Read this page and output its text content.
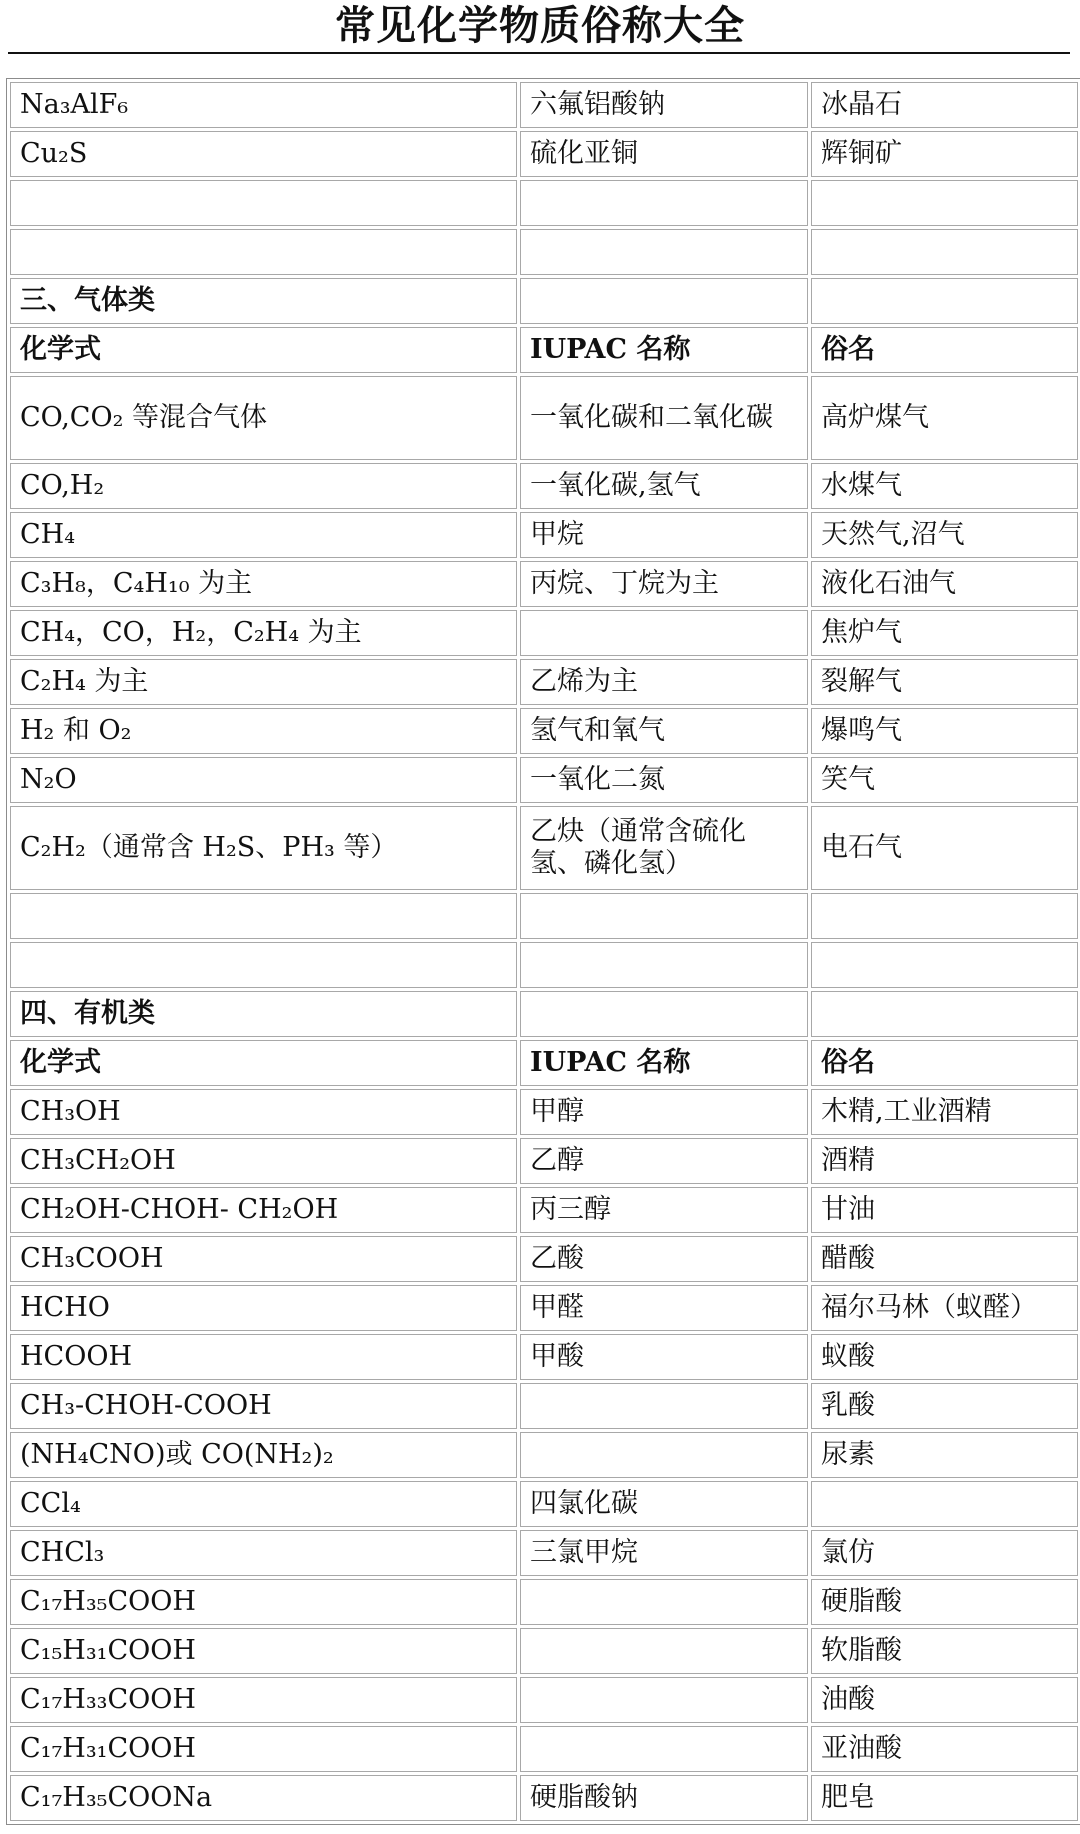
常见化学物质俗称大全
Na₃AlF₆	六氟铝酸钠	冰晶石
Cu₂S	硫化亚铜	辉铜矿

三、气体类		
化学式	IUPAC 名称	俗名
CO,CO₂ 等混合气体	一氧化碳和二氧化碳	高炉煤气
CO,H₂	一氧化碳,氢气	水煤气
CH₄	甲烷	天然气,沼气
C₃H₈，C₄H₁₀ 为主	丙烷、丁烷为主	液化石油气
CH₄，CO，H₂，C₂H₄ 为主		焦炉气
C₂H₄ 为主	乙烯为主	裂解气
H₂ 和 O₂	氢气和氧气	爆鸣气
N₂O	一氧化二氮	笑气
C₂H₂（通常含 H₂S、PH₃ 等）	乙炔（通常含硫化氢、磷化氢）	电石气

四、有机类		
化学式	IUPAC 名称	俗名
CH₃OH	甲醇	木精,工业酒精
CH₃CH₂OH	乙醇	酒精
CH₂OH-CHOH- CH₂OH	丙三醇	甘油
CH₃COOH	乙酸	醋酸
HCHO	甲醛	福尔马林（蚁醛）
HCOOH	甲酸	蚁酸
CH₃-CHOH-COOH		乳酸
(NH₄CNO)或 CO(NH₂)₂		尿素
CCl₄	四氯化碳	
CHCl₃	三氯甲烷	氯仿
C₁₇H₃₅COOH		硬脂酸
C₁₅H₃₁COOH		软脂酸
C₁₇H₃₃COOH		油酸
C₁₇H₃₁COOH		亚油酸
C₁₇H₃₅COONa	硬脂酸钠	肥皂
